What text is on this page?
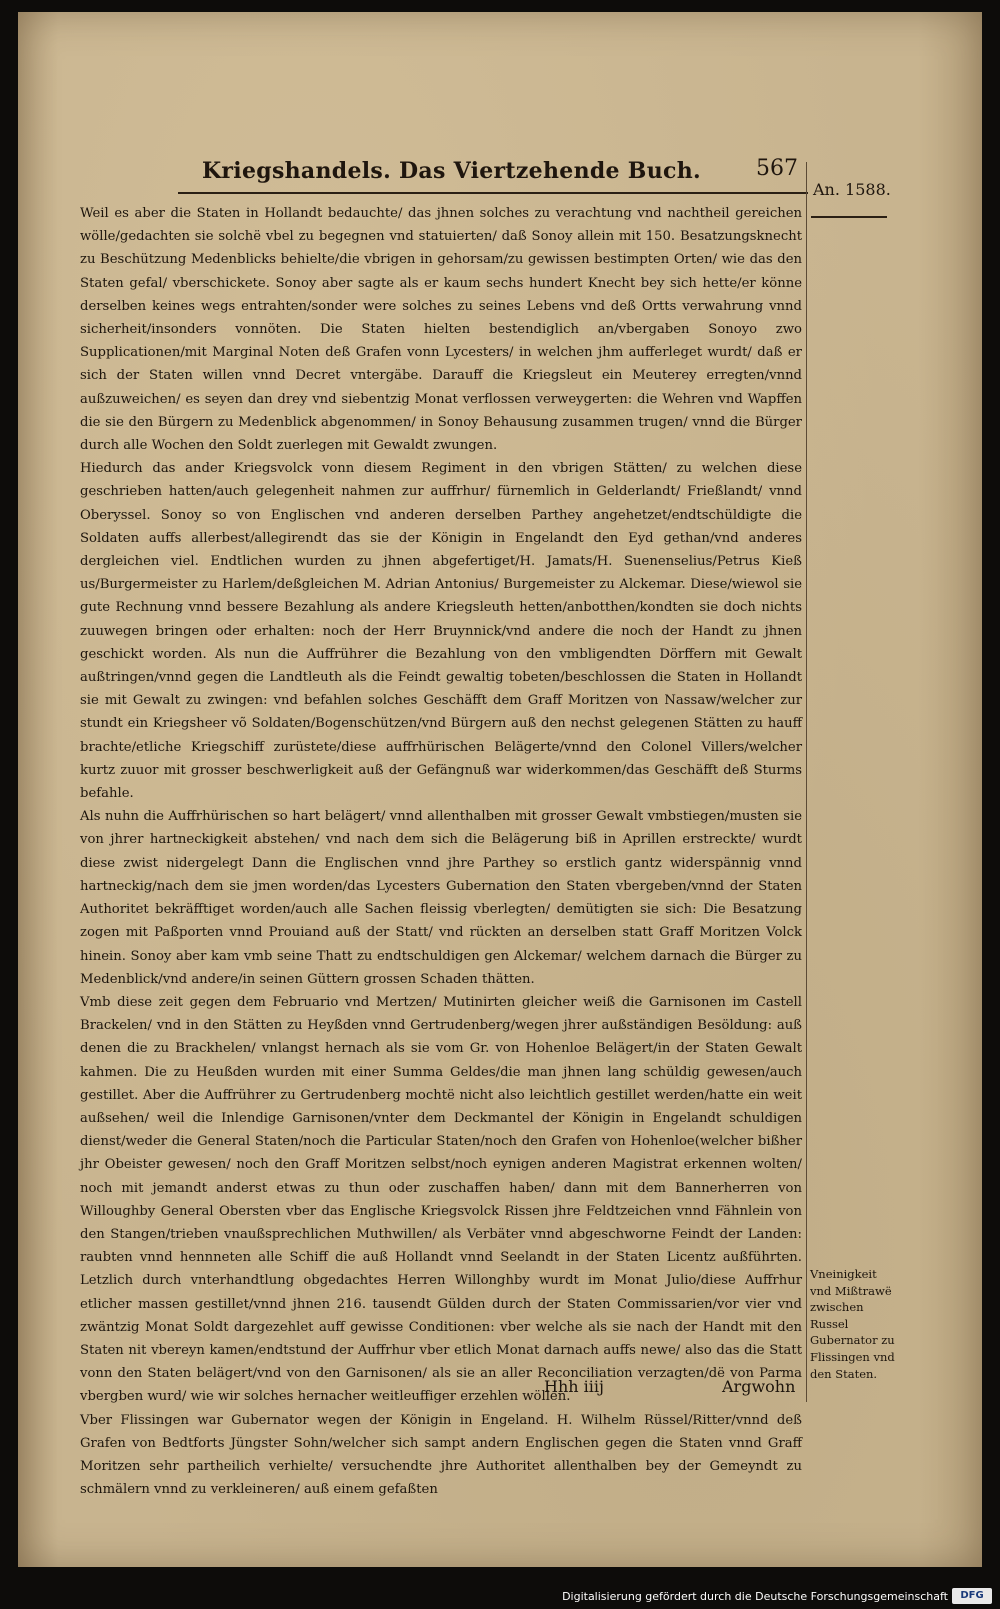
Kriegshandels. Das Viertzehende Buch.	567
An. 1588.

Weil es aber die Staten in Hollandt bedauchte/ das jhnen solches zu verachtung vnd nachtheil gereichen wölle/gedachten sie solchë vbel zu begegnen vnd statuierten/ daß Sonoy allein mit 150. Besatzungsknecht zu Beschützung Medenblicks behielte/die vbrigen in gehorsam/zu gewissen bestimpten Orten/ wie das den Staten gefal/ vberschickete. Sonoy aber sagte als er kaum sechs hundert Knecht bey sich hette/er könne derselben keines wegs entrahten/sonder were solches zu seines Lebens vnd deß Ortts verwahrung vnnd sicherheit/insonders vonnöten. Die Staten hielten bestendiglich an/vbergaben Sonoyo zwo Supplicationen/mit Marginal Noten deß Grafen vonn Lycesters/ in welchen jhm aufferleget wurdt/ daß er sich der Staten willen vnnd Decret vntergäbe. Darauff die Kriegsleut ein Meuterey erregten/vnnd außzuweichen/ es seyen dan drey vnd siebentzig Monat verflossen verweygerten: die Wehren vnd Wapffen die sie den Bürgern zu Medenblick abgenommen/ in Sonoy Behausung zusammen trugen/ vnnd die Bürger durch alle Wochen den Soldt zuerlegen mit Gewaldt zwungen.

Hiedurch das ander Kriegsvolck vonn diesem Regiment in den vbrigen Stätten/ zu welchen diese geschrieben hatten/auch gelegenheit nahmen zur auffrhur/ fürnemlich in Gelderlandt/ Frießlandt/ vnnd Oberyssel. Sonoy so von Englischen vnd anderen derselben Parthey angehetzet/endtschüldigte die Soldaten auffs allerbest/allegirendt das sie der Königin in Engelandt den Eyd gethan/vnd anderes dergleichen viel. Endtlichen wurden zu jhnen abgefertiget/H. Jamats/H. Suenenselius/Petrus Kieß us/Burgermeister zu Harlem/deßgleichen M. Adrian Antonius/ Burgemeister zu Alckemar. Diese/wiewol sie gute Rechnung vnnd bessere Bezahlung als andere Kriegsleuth hetten/anbotthen/kondten sie doch nichts zuuwegen bringen oder erhalten: noch der Herr Bruynnick/vnd andere die noch der Handt zu jhnen geschickt worden. Als nun die Auffrührer die Bezahlung von den vmbligendten Dörffern mit Gewalt außtringen/vnnd gegen die Landtleuth als die Feindt gewaltig tobeten/beschlossen die Staten in Hollandt sie mit Gewalt zu zwingen: vnd befahlen solches Geschäfft dem Graff Moritzen von Nassaw/welcher zur stundt ein Kriegsheer võ Soldaten/Bogenschützen/vnd Bürgern auß den nechst gelegenen Stätten zu hauff brachte/etliche Kriegschiff zurüstete/diese auffrhürischen Belägerte/vnnd den Colonel Villers/welcher kurtz zuuor mit grosser beschwerligkeit auß der Gefängnuß war widerkommen/das Geschäfft deß Sturms befahle.

Als nuhn die Auffrhürischen so hart belägert/ vnnd allenthalben mit grosser Gewalt vmbstiegen/musten sie von jhrer hartneckigkeit abstehen/ vnd nach dem sich die Belägerung biß in Aprillen erstreckte/ wurdt diese zwist nidergelegt Dann die Englischen vnnd jhre Parthey so erstlich gantz widerspännig vnnd hartneckig/nach dem sie jmen worden/das Lycesters Gubernation den Staten vbergeben/vnnd der Staten Authoritet bekräfftiget worden/auch alle Sachen fleissig vberlegten/ demütigten sie sich: Die Besatzung zogen mit Paßporten vnnd Prouiand auß der Statt/ vnd rückten an derselben statt Graff Moritzen Volck hinein. Sonoy aber kam vmb seine Thatt zu endtschuldigen gen Alckemar/ welchem darnach die Bürger zu Medenblick/vnd andere/in seinen Güttern grossen Schaden thätten.

Vmb diese zeit gegen dem Februario vnd Mertzen/ Mutinirten gleicher weiß die Garnisonen im Castell Brackelen/ vnd in den Stätten zu Heyßden vnnd Gertrudenberg/wegen jhrer außständigen Besöldung: auß denen die zu Brackhelen/ vnlangst hernach als sie vom Gr. von Hohenloe Belägert/in der Staten Gewalt kahmen. Die zu Heußden wurden mit einer Summa Geldes/die man jhnen lang schüldig gewesen/auch gestillet. Aber die Auffrührer zu Gertrudenberg mochtë nicht also leichtlich gestillet werden/hatte ein weit außsehen/ weil die Inlendige Garnisonen/vnter dem Deckmantel der Königin in Engelandt schuldigen dienst/weder die General Staten/noch die Particular Staten/noch den Grafen von Hohenloe(welcher bißher jhr Obeister gewesen/ noch den Graff Moritzen selbst/noch eynigen anderen Magistrat erkennen wolten/ noch mit jemandt anderst etwas zu thun oder zuschaffen haben/ dann mit dem Bannerherren von Willoughby General Obersten vber das Englische Kriegsvolck Rissen jhre Feldtzeichen vnnd Fähnlein von den Stangen/trieben vnaußsprechlichen Muthwillen/ als Verbäter vnnd abgeschworne Feindt der Landen: raubten vnnd hennneten alle Schiff die auß Hollandt vnnd Seelandt in der Staten Licentz außführten. Letzlich durch vnterhandtlung obgedachtes Herren Willonghby wurdt im Monat Julio/diese Auffrhur etlicher massen gestillet/vnnd jhnen 216. tausendt Gülden durch der Staten Commissarien/vor vier vnd zwäntzig Monat Soldt dargezehlet auff gewisse Conditionen: vber welche als sie nach der Handt mit den Staten nit vbereyn kamen/endtstund der Auffrhur vber etlich Monat darnach auffs newe/ also das die Statt vonn den Staten belägert/vnd von den Garnisonen/ als sie an aller Reconciliation verzagten/dë von Parma vbergben wurd/ wie wir solches hernacher weitleuffiger erzehlen wöllen.

Vber Flissingen war Gubernator wegen der Königin in Engeland. H. Wilhelm Rüssel/Ritter/vnnd deß Grafen von Bedtforts Jüngster Sohn/welcher sich sampt andern Englischen gegen die Staten vnnd Graff Moritzen sehr partheilich verhielte/ versuchendte jhre Authoritet allenthalben bey der Gemeyndt zu schmälern vnnd zu verkleineren/ auß einem gefaßten

Vneinigkeit vnd Mißtrawë zwischen Russel Gubernator zu Flissingen vnd den Staten.
Hhh iiij	Argwohn
Digitalisierung gefördert durch die Deutsche Forschungsgemeinschaft	DFG
